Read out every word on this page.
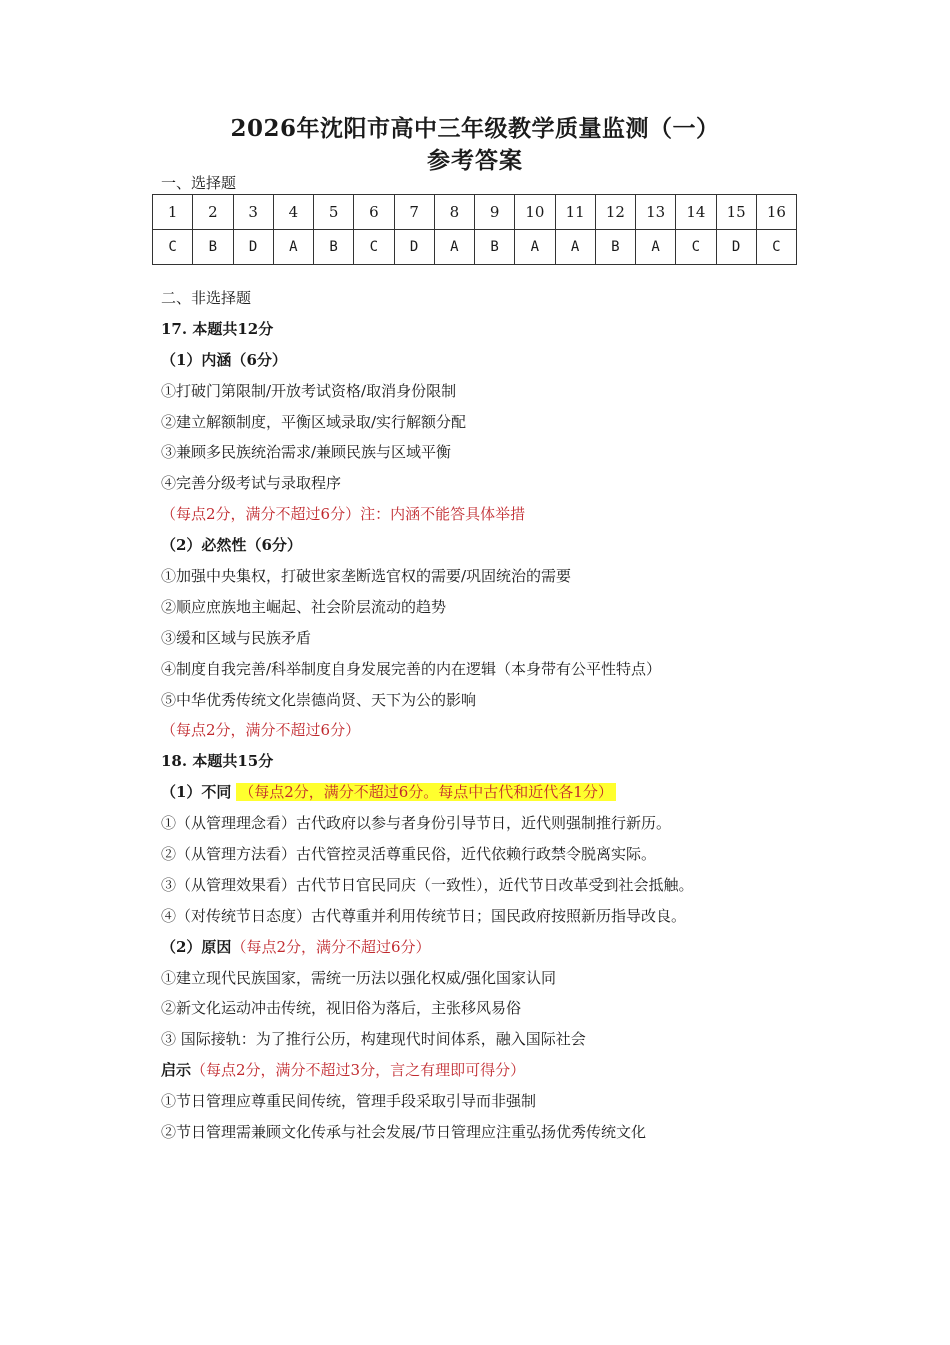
2026年沈阳市高中三年级教学质量监测（一）
参考答案
一、选择题
1	2	3	4	5	6	7	8	9	10	11	12	13	14	15	16
C	B	D	A	B	C	D	A	B	A	A	B	A	C	D	C
二、非选择题
17. 本题共12分
（1）内涵（6分）
①打破门第限制/开放考试资格/取消身份限制
②建立解额制度，平衡区域录取/实行解额分配
③兼顾多民族统治需求/兼顾民族与区域平衡
④完善分级考试与录取程序
（每点2分，满分不超过6分）注：内涵不能答具体举措
（2）必然性（6分）
①加强中央集权，打破世家垄断选官权的需要/巩固统治的需要
②顺应庶族地主崛起、社会阶层流动的趋势
③缓和区域与民族矛盾
④制度自我完善/科举制度自身发展完善的内在逻辑（本身带有公平性特点）
⑤中华优秀传统文化崇德尚贤、天下为公的影响
（每点2分，满分不超过6分）
18. 本题共15分
（1）不同 （每点2分，满分不超过6分。每点中古代和近代各1分）
①（从管理理念看）古代政府以参与者身份引导节日，近代则强制推行新历。
②（从管理方法看）古代管控灵活尊重民俗，近代依赖行政禁令脱离实际。
③（从管理效果看）古代节日官民同庆（一致性），近代节日改革受到社会抵触。
④（对传统节日态度）古代尊重并利用传统节日；国民政府按照新历指导改良。
（2）原因（每点2分，满分不超过6分）
①建立现代民族国家，需统一历法以强化权威/强化国家认同
②新文化运动冲击传统，视旧俗为落后，主张移风易俗
③ 国际接轨：为了推行公历，构建现代时间体系，融入国际社会
启示（每点2分，满分不超过3分，言之有理即可得分）
①节日管理应尊重民间传统，管理手段采取引导而非强制
②节日管理需兼顾文化传承与社会发展/节日管理应注重弘扬优秀传统文化
